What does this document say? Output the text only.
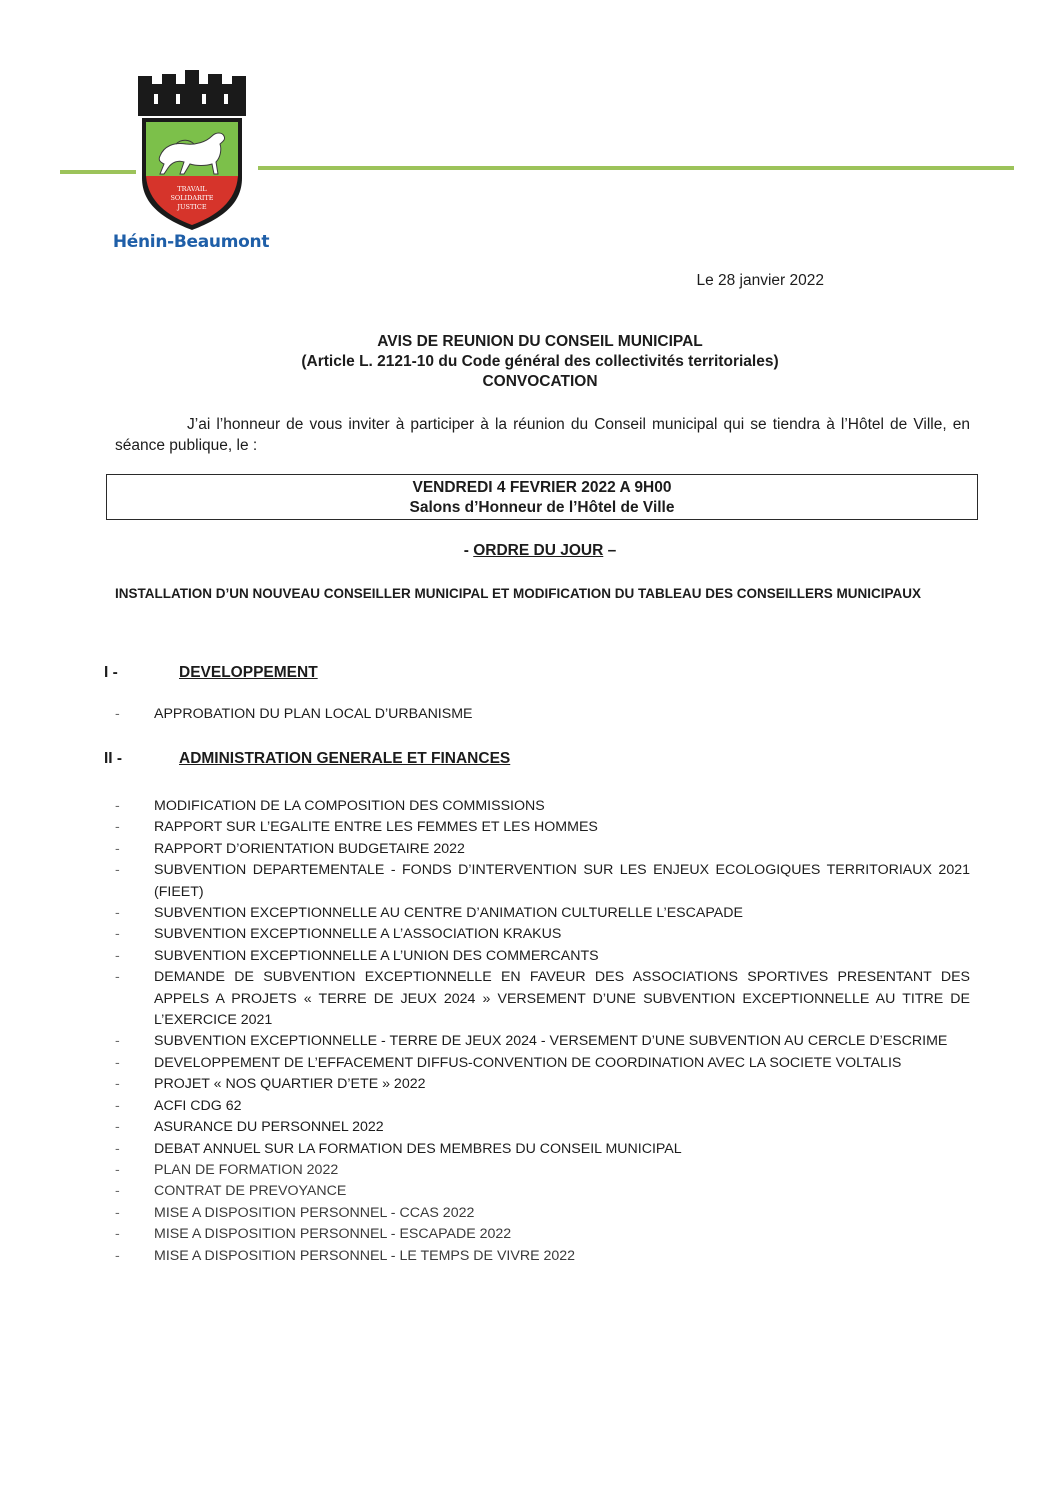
TRAVAIL
SOLIDARITE
JUSTICE
Hénin-Beaumont
Le 28 janvier 2022
AVIS DE REUNION DU CONSEIL MUNICIPAL
(Article L. 2121-10 du Code général des collectivités territoriales)
CONVOCATION
J’ai l’honneur de vous inviter à participer à la réunion du Conseil municipal qui se tiendra à l’Hôtel de Ville, en séance publique, le :
VENDREDI 4 FEVRIER 2022 A 9H00
Salons d’Honneur de l’Hôtel de Ville
- ORDRE DU JOUR –
INSTALLATION D’UN NOUVEAU CONSEILLER MUNICIPAL ET MODIFICATION DU TABLEAU DES CONSEILLERS MUNICIPAUX
I -	DEVELOPPEMENT
- APPROBATION DU PLAN LOCAL D’URBANISME
II -	ADMINISTRATION GENERALE ET FINANCES
- MODIFICATION DE LA COMPOSITION DES COMMISSIONS
- RAPPORT SUR L’EGALITE ENTRE LES FEMMES ET LES HOMMES
- RAPPORT D’ORIENTATION BUDGETAIRE 2022
- SUBVENTION DEPARTEMENTALE - FONDS D’INTERVENTION SUR LES ENJEUX ECOLOGIQUES TERRITORIAUX 2021 (FIEET)
- SUBVENTION EXCEPTIONNELLE AU CENTRE D’ANIMATION CULTURELLE L’ESCAPADE
- SUBVENTION EXCEPTIONNELLE A L’ASSOCIATION KRAKUS
- SUBVENTION EXCEPTIONNELLE A L’UNION DES COMMERCANTS
- DEMANDE DE SUBVENTION EXCEPTIONNELLE EN FAVEUR DES ASSOCIATIONS SPORTIVES PRESENTANT DES APPELS A PROJETS « TERRE DE JEUX 2024 » VERSEMENT D’UNE SUBVENTION EXCEPTIONNELLE AU TITRE DE L’EXERCICE 2021
- SUBVENTION EXCEPTIONNELLE - TERRE DE JEUX 2024 - VERSEMENT D’UNE SUBVENTION AU CERCLE D’ESCRIME
- DEVELOPPEMENT DE L’EFFACEMENT DIFFUS-CONVENTION DE COORDINATION AVEC LA SOCIETE VOLTALIS
- PROJET « NOS QUARTIER D’ETE » 2022
- ACFI CDG 62
- ASURANCE DU PERSONNEL 2022
- DEBAT ANNUEL SUR LA FORMATION DES MEMBRES DU CONSEIL MUNICIPAL
- PLAN DE FORMATION 2022
- CONTRAT DE PREVOYANCE
- MISE A DISPOSITION PERSONNEL - CCAS 2022
- MISE A DISPOSITION PERSONNEL - ESCAPADE 2022
- MISE A DISPOSITION PERSONNEL - LE TEMPS DE VIVRE 2022
